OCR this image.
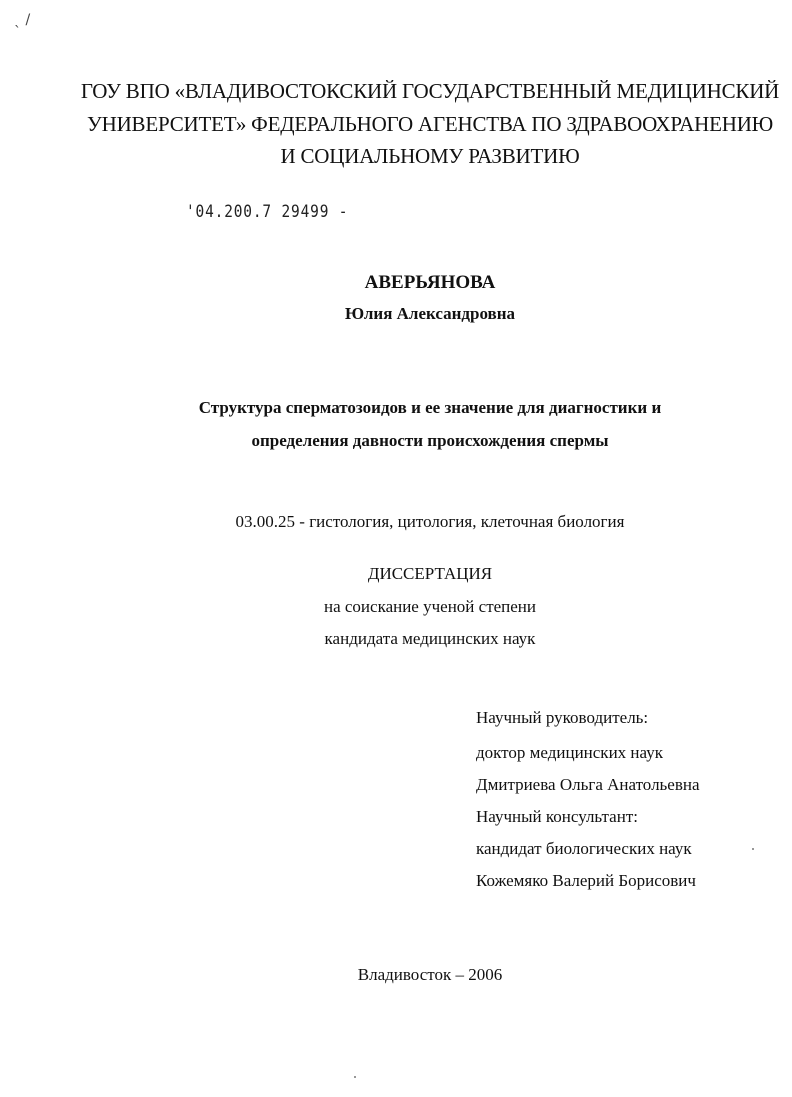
ˎ /
ГОУ ВПО «ВЛАДИВОСТОКСКИЙ ГОСУДАРСТВЕННЫЙ МЕДИЦИНСКИЙ
УНИВЕРСИТЕТ» ФЕДЕРАЛЬНОГО АГЕНСТВА ПО ЗДРАВООХРАНЕНИЮ
И СОЦИАЛЬНОМУ РАЗВИТИЮ
'04.200.7 29499 -
АВЕРЬЯНОВА
Юлия Александровна
Структура сперматозоидов и ее значение для диагностики и
определения давности происхождения спермы
03.00.25 - гистология, цитология, клеточная биология
ДИССЕРТАЦИЯ
на соискание ученой степени
кандидата медицинских наук
Научный руководитель:
доктор медицинских наук
Дмитриева Ольга Анатольевна
Научный консультант:
кандидат биологических наук
Кожемяко Валерий Борисович
Владивосток – 2006
